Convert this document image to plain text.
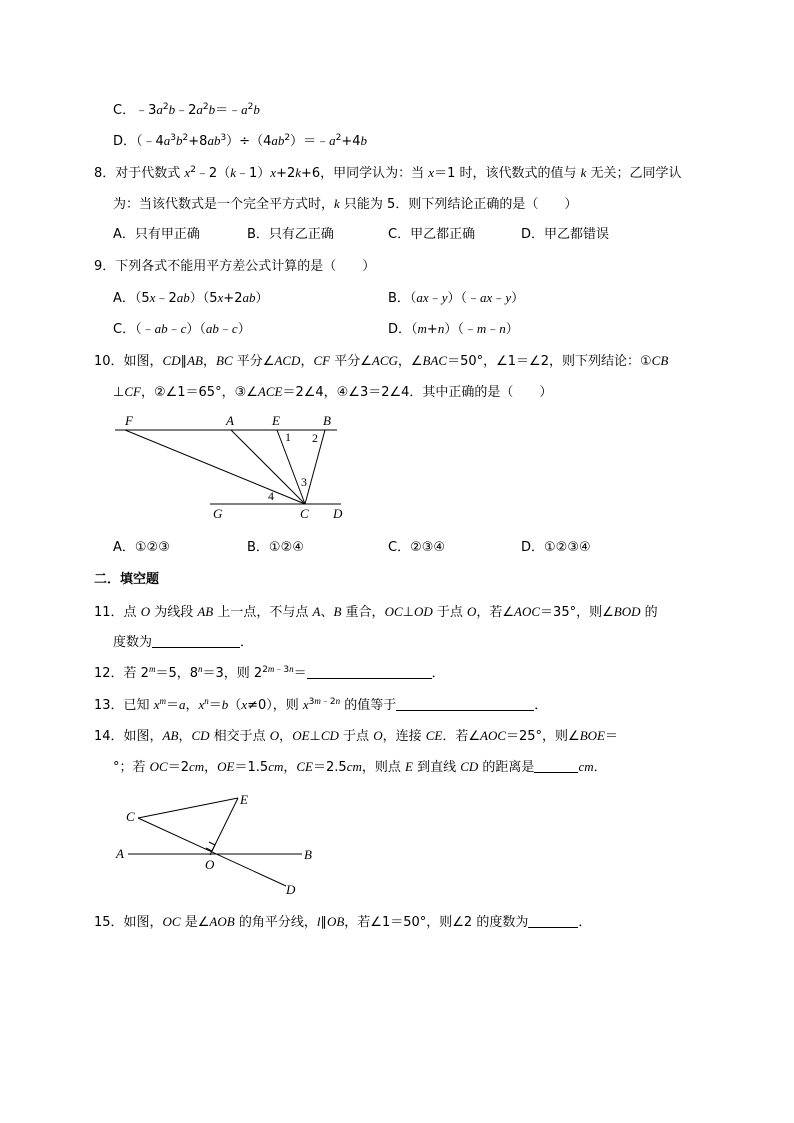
C．$﹣3a^2b﹣2a^2b=﹣a^2b$
D．$(﹣4a^3b^2+8ab^3)\div(4ab^2)=﹣a^2+4b$
8．对于代数式 $x^2﹣2(k﹣1)x+2k+6$，甲同学认为：当 x＝1 时，该代数式的值与 k 无关；乙同学认
为：当该代数式是一个完全平方式时，k 只能为 5．则下列结论正确的是（　　）
A．只有甲正确	B．只有乙正确	C．甲乙都正确	D．甲乙都错误
9．下列各式不能用平方差公式计算的是（　　）
A．（5x﹣2ab）（5x+2ab）	B．（ax﹣y）（﹣ax﹣y）
C．（﹣ab﹣c）（ab﹣c）	D．（m+n）（﹣m﹣n）
10．如图，CD∥AB，BC 平分∠ACD，CF 平分∠ACG，∠BAC＝50°，∠1＝∠2，则下列结论：①CB
⊥CF，②∠1＝65°，③∠ACE＝2∠4，④∠3＝2∠4．其中正确的是（　　）
F	A	E	B
1 2
3
4
G	C D
A．①②③	B．①②④	C．②③④	D．①②③④
二．填空题
11．点 O 为线段 AB 上一点，不与点 A、B 重合，OC⊥OD 于点 O，若∠AOC＝35°，则∠BOD 的
度数为	．
12．若 $2^m=5$，$8^n=3$，则 $2^{2m﹣3n}=$	．
13．已知 $x^m=a$，$x^n=b(x\ne 0)$，则 $x^{3m﹣2n}$ 的值等于	．
14．如图，AB，CD 相交于点 O，OE⊥CD 于点 O，连接 CE．若∠AOC＝25°，则∠BOE＝
°；若 OC＝2cm，OE＝1.5cm，CE＝2.5cm，则点 E 到直线 CD 的距离是	cm．
C
E
A	B
O
D
15．如图，OC 是∠AOB 的角平分线，l∥OB，若∠1＝50°，则∠2 的度数为	．
